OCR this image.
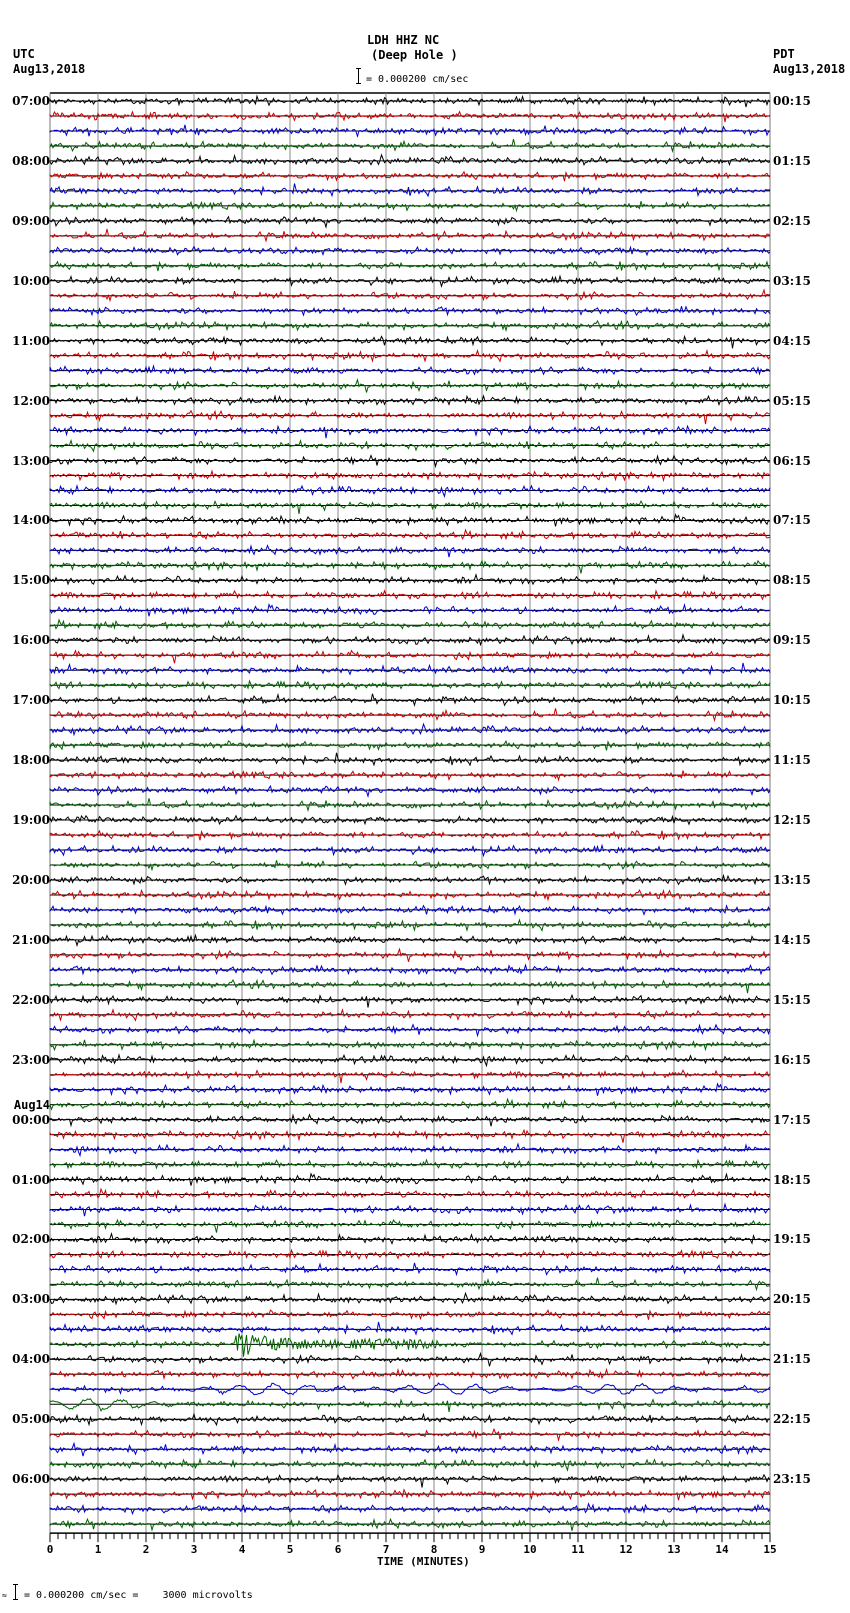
LDH HHZ NC
(Deep Hole )
= 0.000200 cm/sec
UTC
Aug13,2018
PDT
Aug13,2018
07:00
08:00
09:00
10:00
11:00
12:00
13:00
14:00
15:00
16:00
17:00
18:00
19:00
20:00
21:00
22:00
23:00
Aug14
00:00
01:00
02:00
03:00
04:00
05:00
06:00
00:15
01:15
02:15
03:15
04:15
05:15
06:15
07:15
08:15
09:15
10:15
11:15
12:15
13:15
14:15
15:15
16:15
17:15
18:15
19:15
20:15
21:15
22:15
23:15
0	1	2	3	4	5	6	7	8	9	10	11	12	13	14	15
TIME (MINUTES)
≈ = 0.000200 cm/sec =    3000 microvolts
